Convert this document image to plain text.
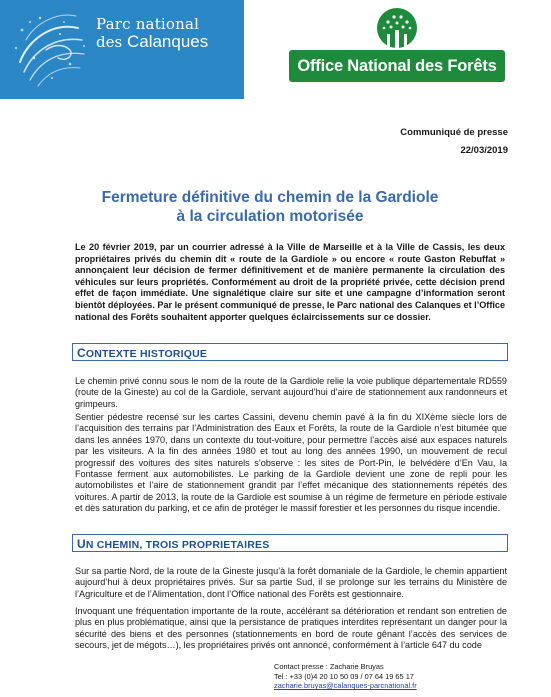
Parc national
des Calanques
Office National des Forêts
Communiqué de presse
22/03/2019
Fermeture définitive du chemin de la Gardiole
à la circulation motorisée
Le 20 février 2019, par un courrier adressé à la Ville de Marseille et à la Ville de Cassis, les deux propriétaires privés du chemin dit « route de la Gardiole » ou encore « route Gaston Rebuffat » annonçaient leur décision de fermer définitivement et de manière permanente la circulation des véhicules sur leurs propriétés. Conformément au droit de la propriété privée, cette décision prend effet de façon immédiate. Une signalétique claire sur site et une campagne d’information seront bientôt déployées. Par le présent communiqué de presse, le Parc national des Calanques et l’Office national des Forêts souhaitent apporter quelques éclaircissements sur ce dossier.
CONTEXTE HISTORIQUE
Le chemin privé connu sous le nom de la route de la Gardiole relie la voie publique départementale RD559 (route de la Gineste) au col de la Gardiole, servant aujourd’hui d’aire de stationnement aux randonneurs et grimpeurs.
Sentier pédestre recensé sur les cartes Cassini, devenu chemin pavé à la fin du XIXème siècle lors de l’acquisition des terrains par l’Administration des Eaux et Forêts, la route de la Gardiole n’est bitumée que dans les années 1970, dans un contexte du tout-voiture, pour permettre l’accès aisé aux espaces naturels par les visiteurs. A la fin des années 1980 et tout au long des années 1990, un mouvement de recul progressif des voitures des sites naturels s’observe : les sites de Port-Pin, le belvédère d’En Vau, la Fontasse ferment aux automobilistes. Le parking de la Gardiole devient une zone de repli pour les automobilistes et l’aire de stationnement grandit par l’effet mécanique des stationnements répétés des voitures. A partir de 2013, la route de la Gardiole est soumise à un régime de fermeture en période estivale et dès saturation du parking, et ce afin de protéger le massif forestier et les personnes du risque incendie.
UN CHEMIN, TROIS PROPRIETAIRES
Sur sa partie Nord, de la route de la Gineste jusqu’à la forêt domaniale de la Gardiole, le chemin appartient aujourd’hui à deux propriétaires privés. Sur sa partie Sud, il se prolonge sur les terrains du Ministère de l’Agriculture et de l’Alimentation, dont l’Office national des Forêts est gestionnaire.
Invoquant une fréquentation importante de la route, accélérant sa détérioration et rendant son entretien de plus en plus problématique, ainsi que la persistance de pratiques interdites représentant un danger pour la sécurité des biens et des personnes (stationnements en bord de route gênant l’accès des services de secours, jet de mégots…), les propriétaires privés ont annoncé, conformément à l’article 647 du code
Contact presse : Zacharie Bruyas
Tel : +33 (0)4 20 10 50 09 / 07 64 19 65 17
zacharie.bruyas@calanques-parcnational.fr
